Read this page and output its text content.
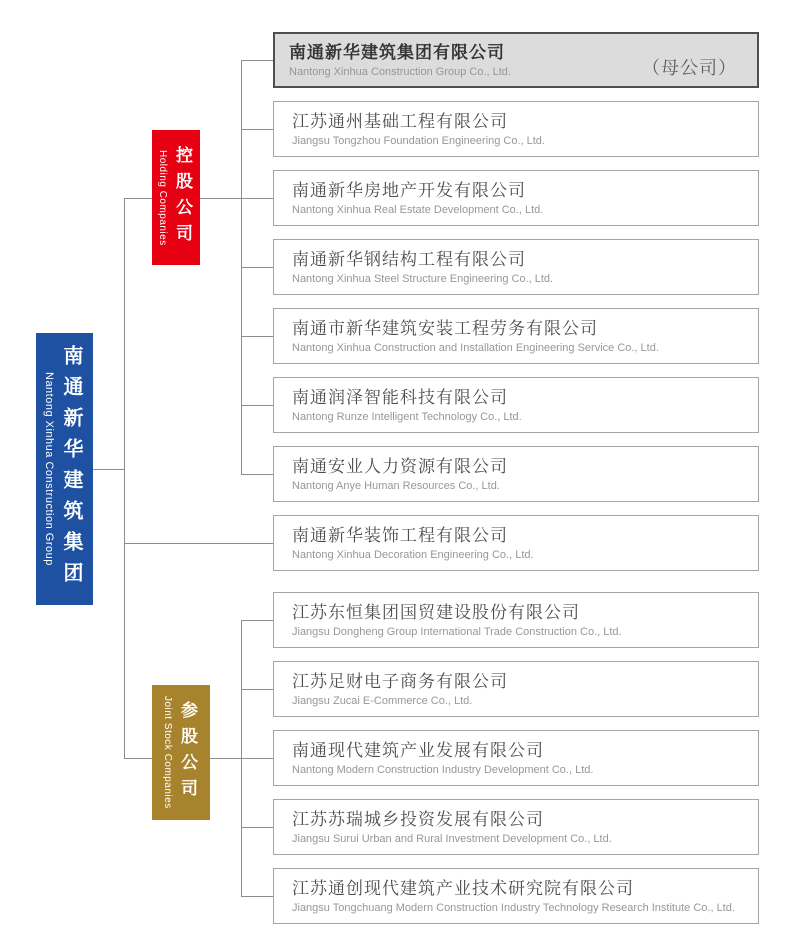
Nantong Xinhua Construction Group 南通新华建筑集团
Holding Companies 控股公司
Joint Stock Companies 参股公司
南通新华建筑集团有限公司
Nantong Xinhua Construction Group Co., Ltd.	（母公司）
江苏通州基础工程有限公司
Jiangsu Tongzhou Foundation Engineering Co., Ltd.
南通新华房地产开发有限公司
Nantong Xinhua Real Estate Development Co., Ltd.
南通新华钢结构工程有限公司
Nantong Xinhua Steel Structure Engineering Co., Ltd.
南通市新华建筑安装工程劳务有限公司
Nantong Xinhua Construction and Installation Engineering Service Co., Ltd.
南通润泽智能科技有限公司
Nantong Runze Intelligent Technology Co., Ltd.
南通安业人力资源有限公司
Nantong Anye Human Resources Co., Ltd.
南通新华装饰工程有限公司
Nantong Xinhua Decoration Engineering Co., Ltd.
江苏东恒集团国贸建设股份有限公司
Jiangsu Dongheng Group International Trade Construction Co., Ltd.
江苏足财电子商务有限公司
Jiangsu Zucai E-Commerce Co., Ltd.
南通现代建筑产业发展有限公司
Nantong Modern Construction Industry Development Co., Ltd.
江苏苏瑞城乡投资发展有限公司
Jiangsu Surui Urban and Rural Investment Development Co., Ltd.
江苏通创现代建筑产业技术研究院有限公司
Jiangsu Tongchuang Modern Construction Industry Technology Research Institute Co., Ltd.
